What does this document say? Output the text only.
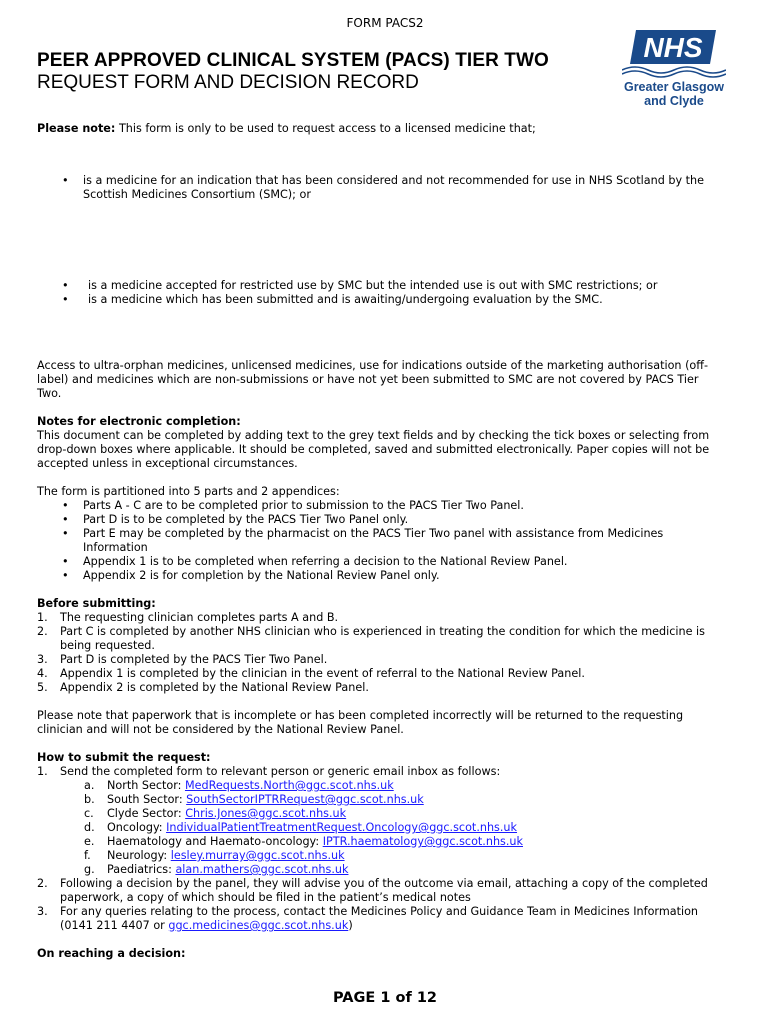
FORM PACS2
PEER APPROVED CLINICAL SYSTEM (PACS) TIER TWO
REQUEST FORM AND DECISION RECORD
NHS
Greater Glasgow
and Clyde
Please note: This form is only to be used to request access to a licensed medicine that;
• is a medicine for an indication that has been considered and not recommended for use in NHS Scotland by the
Scottish Medicines Consortium (SMC); or
• is a medicine accepted for restricted use by SMC but the intended use is out with SMC restrictions; or
• is a medicine which has been submitted and is awaiting/undergoing evaluation by the SMC.
Access to ultra-orphan medicines, unlicensed medicines, use for indications outside of the marketing authorisation (off-
label) and medicines which are non-submissions or have not yet been submitted to SMC are not covered by PACS Tier
Two.
Notes for electronic completion:
This document can be completed by adding text to the grey text fields and by checking the tick boxes or selecting from
drop-down boxes where applicable. It should be completed, saved and submitted electronically. Paper copies will not be
accepted unless in exceptional circumstances.
The form is partitioned into 5 parts and 2 appendices:
• Parts A - C are to be completed prior to submission to the PACS Tier Two Panel.
• Part D is to be completed by the PACS Tier Two Panel only.
• Part E may be completed by the pharmacist on the PACS Tier Two panel with assistance from Medicines
Information
• Appendix 1 is to be completed when referring a decision to the National Review Panel.
• Appendix 2 is for completion by the National Review Panel only.
Before submitting:
1. The requesting clinician completes parts A and B.
2. Part C is completed by another NHS clinician who is experienced in treating the condition for which the medicine is
being requested.
3. Part D is completed by the PACS Tier Two Panel.
4. Appendix 1 is completed by the clinician in the event of referral to the National Review Panel.
5. Appendix 2 is completed by the National Review Panel.
Please note that paperwork that is incomplete or has been completed incorrectly will be returned to the requesting
clinician and will not be considered by the National Review Panel.
How to submit the request:
1. Send the completed form to relevant person or generic email inbox as follows:
a. North Sector: MedRequests.North@ggc.scot.nhs.uk
b. South Sector: SouthSectorIPTRRequest@ggc.scot.nhs.uk
c. Clyde Sector: Chris.Jones@ggc.scot.nhs.uk
d. Oncology: IndividualPatientTreatmentRequest.Oncology@ggc.scot.nhs.uk
e. Haematology and Haemato-oncology: IPTR.haematology@ggc.scot.nhs.uk
f. Neurology: lesley.murray@ggc.scot.nhs.uk
g. Paediatrics: alan.mathers@ggc.scot.nhs.uk
2. Following a decision by the panel, they will advise you of the outcome via email, attaching a copy of the completed
paperwork, a copy of which should be filed in the patient’s medical notes
3. For any queries relating to the process, contact the Medicines Policy and Guidance Team in Medicines Information
(0141 211 4407 or ggc.medicines@ggc.scot.nhs.uk)
On reaching a decision:
PAGE 1 of 12
